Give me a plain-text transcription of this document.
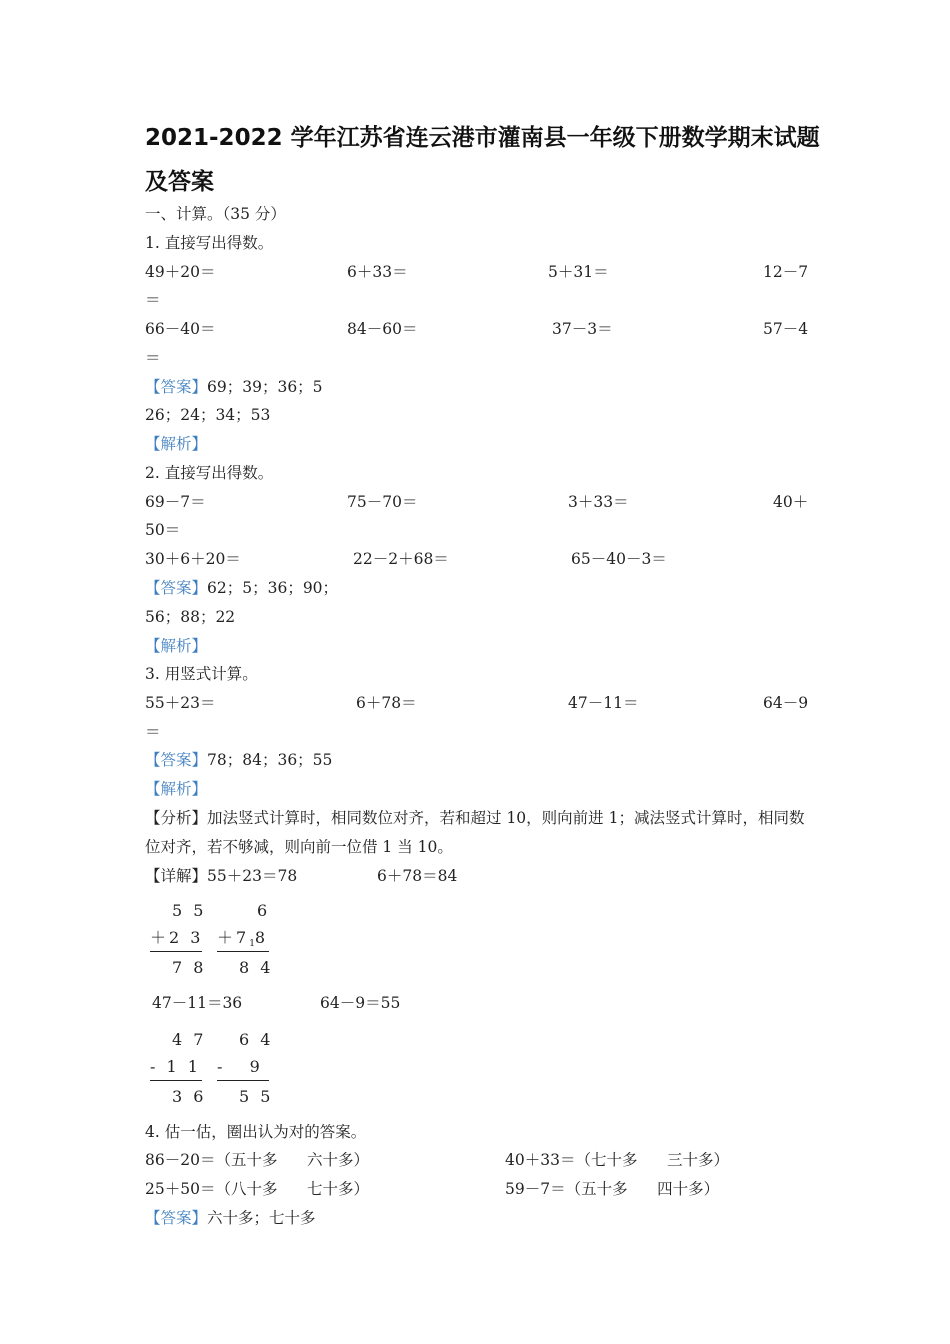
2021-2022 学年江苏省连云港市灌南县一年级下册数学期末试题及答案
一、计算。（35 分）
1. 直接写出得数。
49＋20＝	6＋33＝	5＋31＝	12－7
＝
66－40＝	84－60＝	37－3＝	57－4
＝
【答案】69；39；36；5
26；24；34；53
【解析】
2. 直接写出得数。
69－7＝	75－70＝	3＋33＝	40＋
50＝
30＋6＋20＝	22－2＋68＝	65－40－3＝
【答案】62；5；36；90；
56；88；22
【解析】
3. 用竖式计算。
55＋23＝	6＋78＝	47－11＝	64－9
＝
【答案】78；84；36；55
【解析】
【分析】加法竖式计算时，相同数位对齐，若和超过 10，则向前进 1；减法竖式计算时，相同数
位对齐，若不够减，则向前一位借 1 当 10。
【详解】55＋23＝78	6＋78＝84
5 5
＋2 3
7 8
6
＋718
8 4
47－11＝36	64－9＝55
4 7
- 1 1
3 6
6 4
-   9
5 5
4. 估一估，圈出认为对的答案。
86－20＝（五十多      六十多）	40＋33＝（七十多      三十多）
25＋50＝（八十多      七十多）	59－7＝（五十多      四十多）
【答案】六十多；七十多
